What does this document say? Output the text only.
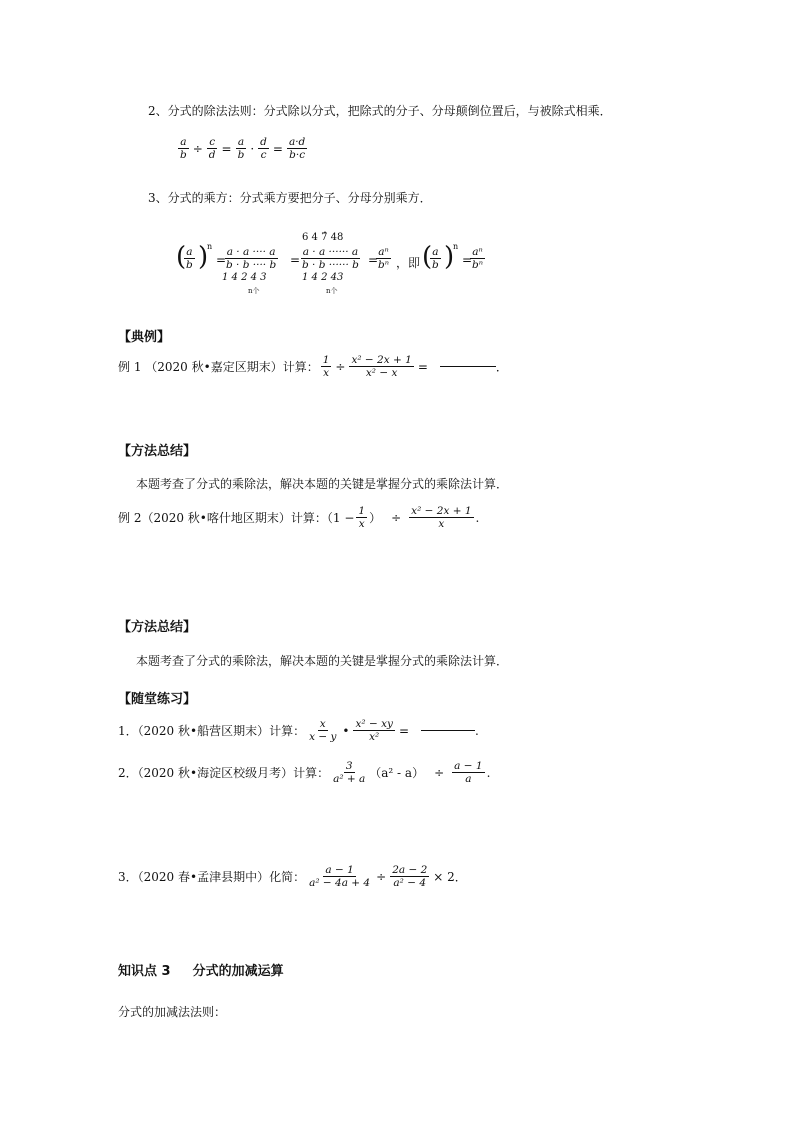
2、分式的除法法则：分式除以分式，把除式的分子、分母颠倒位置后，与被除式相乘．
$\frac{a}{b} \div \frac{c}{d} = \frac{a}{b} \cdot \frac{d}{c} = \frac{a\cdot d}{b\cdot c}$
3、分式的乘方：分式乘方要把分子、分母分别乘方．
(
$\frac{a}{b}$ )
n
=
$\frac{a \cdot a \cdot\cdot\cdot\cdot a}{b \cdot b \cdot\cdot\cdot\cdot b}$
1 4 2 4 3
n个
=
6 4 7̂ 48
$\frac{a \cdot a \cdot\cdot\cdot\cdot\cdot\cdot a}{b \cdot b \cdot\cdot\cdot\cdot\cdot\cdot b}$
1 4 2 43
n个
=
$\frac{\text{aⁿ}}{\text{bⁿ}}$ ，即 (
$\frac{a}{b}$ )
n
=
$\frac{\text{aⁿ}}{\text{bⁿ}}$
【典例】
例 1 （2020 秋•嘉定区期末）计算： $\frac{1}{x} \div \frac{\text{x² − 2x + 1}}{\text{x² − x}}$ =	．
【方法总结】
本题考查了分式的乘除法，解决本题的关键是掌握分式的乘除法计算．
例 2（2020 秋•喀什地区期末）计算：（$1 - \frac{1}{x}$ ） ÷ $\frac{\text{x² − 2x + 1}}{x}$ .
【方法总结】
本题考查了分式的乘除法，解决本题的关键是掌握分式的乘除法计算．
【随堂练习】
1．（2020 秋•船营区期末）计算： $\frac{x}{x - y}$ • $\frac{\text{x² − xy}}{\text{x²}}$ =	.
2．（2020 秋•海淀区校级月考）计算： $\frac{3}{\text{a² + a}} (a^2 - a) \div \frac{a - 1}{a}$ .
3．（2020 春•孟津县期中）化简： $\frac{a - 1}{\text{a² − 4a + 4}} \div \frac{2a - 2}{\text{a² − 4}} \times 2$．
知识点 3 分式的加减运算
分式的加减法法则：
